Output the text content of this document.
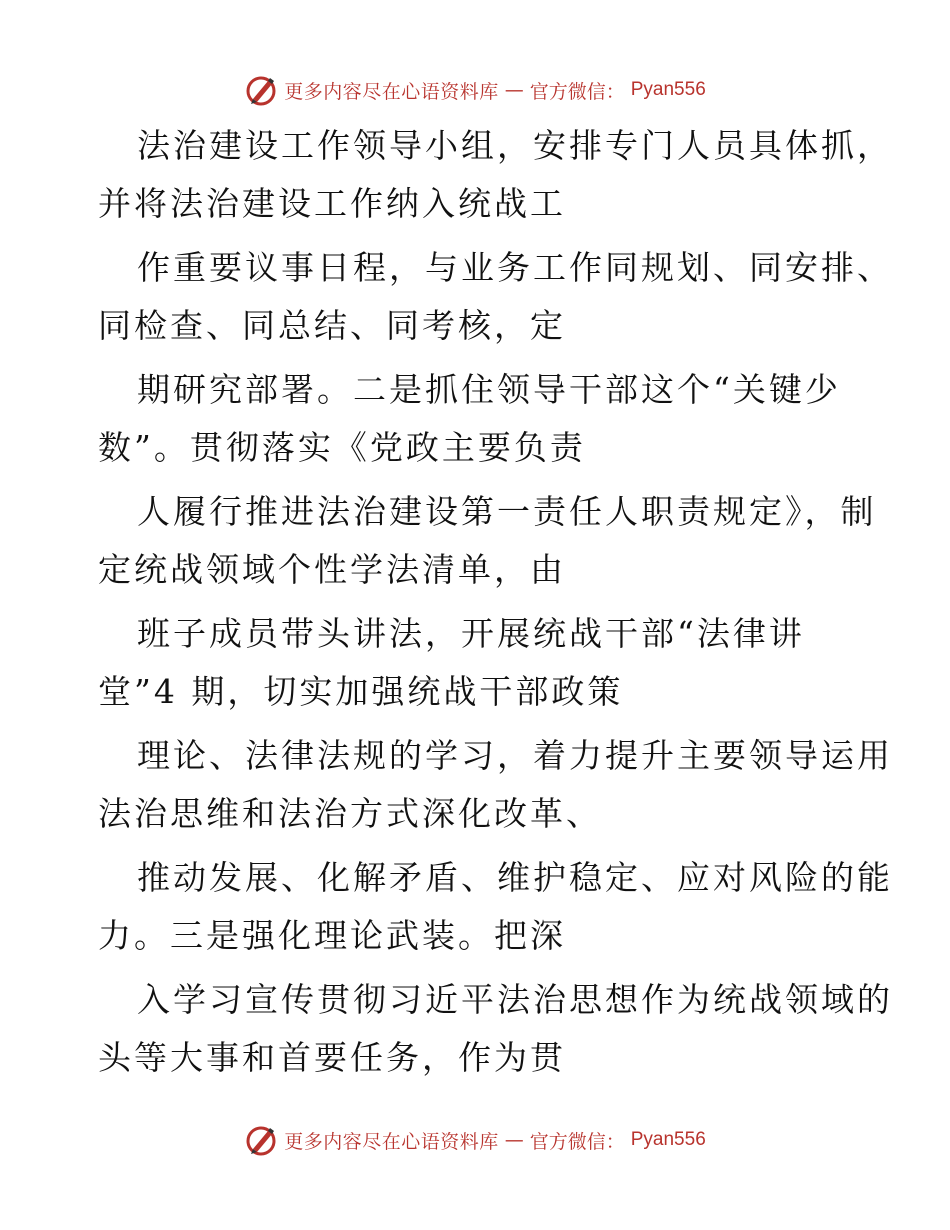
更多内容尽在心语资料库 — 官方微信： Pyan556
法治建设工作领导小组，安排专门人员具体抓，
并将法治建设工作纳入统战工
作重要议事日程，与业务工作同规划、同安排、
同检查、同总结、同考核，定
期研究部署。二是抓住领导干部这个“关键少
数”。贯彻落实《党政主要负责
人履行推进法治建设第一责任人职责规定》，制
定统战领域个性学法清单，由
班子成员带头讲法，开展统战干部“法律讲
堂”4 期，切实加强统战干部政策
理论、法律法规的学习，着力提升主要领导运用
法治思维和法治方式深化改革、
推动发展、化解矛盾、维护稳定、应对风险的能
力。三是强化理论武装。把深
入学习宣传贯彻习近平法治思想作为统战领域的
头等大事和首要任务，作为贯
更多内容尽在心语资料库 — 官方微信： Pyan556
